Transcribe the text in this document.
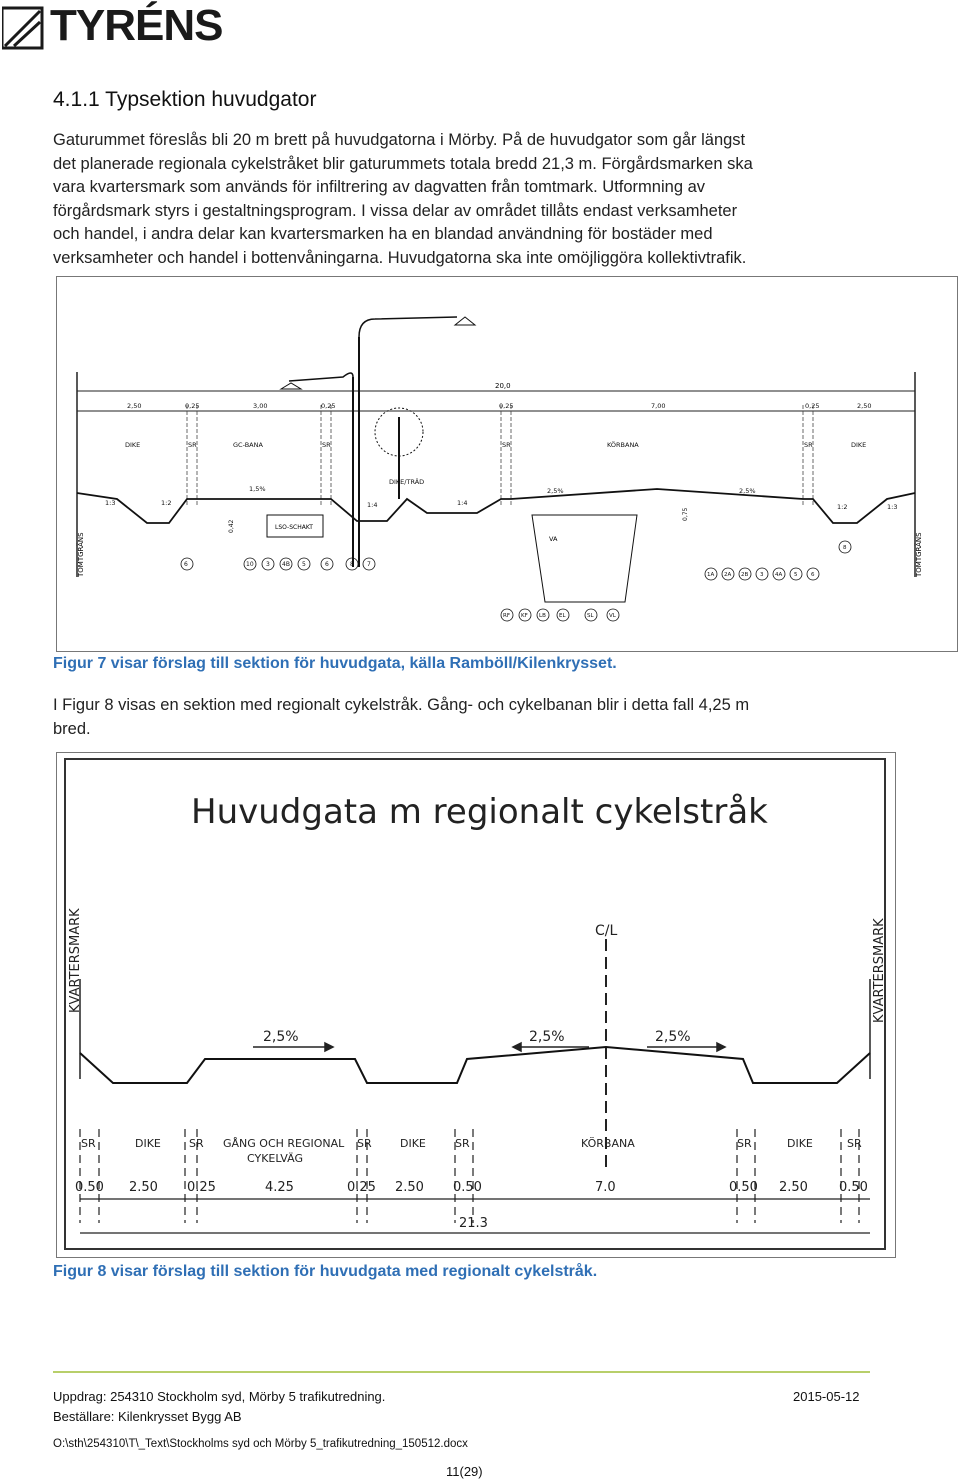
TYRÉNS
4.1.1 Typsektion huvudgator
Gaturummet föreslås bli 20 m brett på huvudgatorna i Mörby. På de huvudgator som går längst
det planerade regionala cykelstråket blir gaturummets totala bredd 21,3 m. Förgårdsmarken ska
vara kvartersmark som används för infiltrering av dagvatten från tomtmark. Utformning av
förgårdsmark styrs i gestaltningsprogram. I vissa delar av området tillåts endast verksamheter
och handel, i andra delar kan kvartersmarken ha en blandad användning för bostäder med
verksamheter och handel i bottenvåningarna. Huvudgatorna ska inte omöjliggöra kollektivtrafik.
TOMTGRÄNS	TOMTGRÄNS
20,0
2,50	0,25	3,00	0,25	0,25	7,00	0,25	2,50
DIKE	SR	GC-BANA	SR	SR	KÖRBANA	SR	DIKE
DIKE/TRÄD
1:3	1:2
1,5%
1:4	1:4
2,5%	2,5%
1:2	1:3
0,75
0,42	LSO-SCHAKT
VA
6	10 3 4B 5	6	8 7
RF KF LB EL	SL	VL
1A 2A 2B 3 4A 5 6
8
Figur 7 visar förslag till sektion för huvudgata, källa Ramböll/Kilenkrysset.
I Figur 8 visas en sektion med regionalt cykelstråk. Gång- och cykelbanan blir i detta fall 4,25 m
bred.
Huvudgata m regionalt cykelstråk
C/L
KVARTERSMARK	KVARTERSMARK
2,5%	2,5%	2,5%
SR	DIKE	SR GÅNG OCH REGIONAL
CYKELVÄG
SR	DIKE	SR	KÖRBANA	SR	DIKE	SR
0.50 2.50 0.25	4.25	0.25 2.50 0.50	7.0	0.50 2.50 0.50
21.3
Figur 8 visar förslag till sektion för huvudgata med regionalt cykelstråk.
Uppdrag: 254310 Stockholm syd, Mörby 5 trafikutredning.	2015-05-12
Beställare: Kilenkrysset Bygg AB
O:\sth\254310\T\_Text\Stockholms syd och Mörby 5_trafikutredning_150512.docx
11(29)
